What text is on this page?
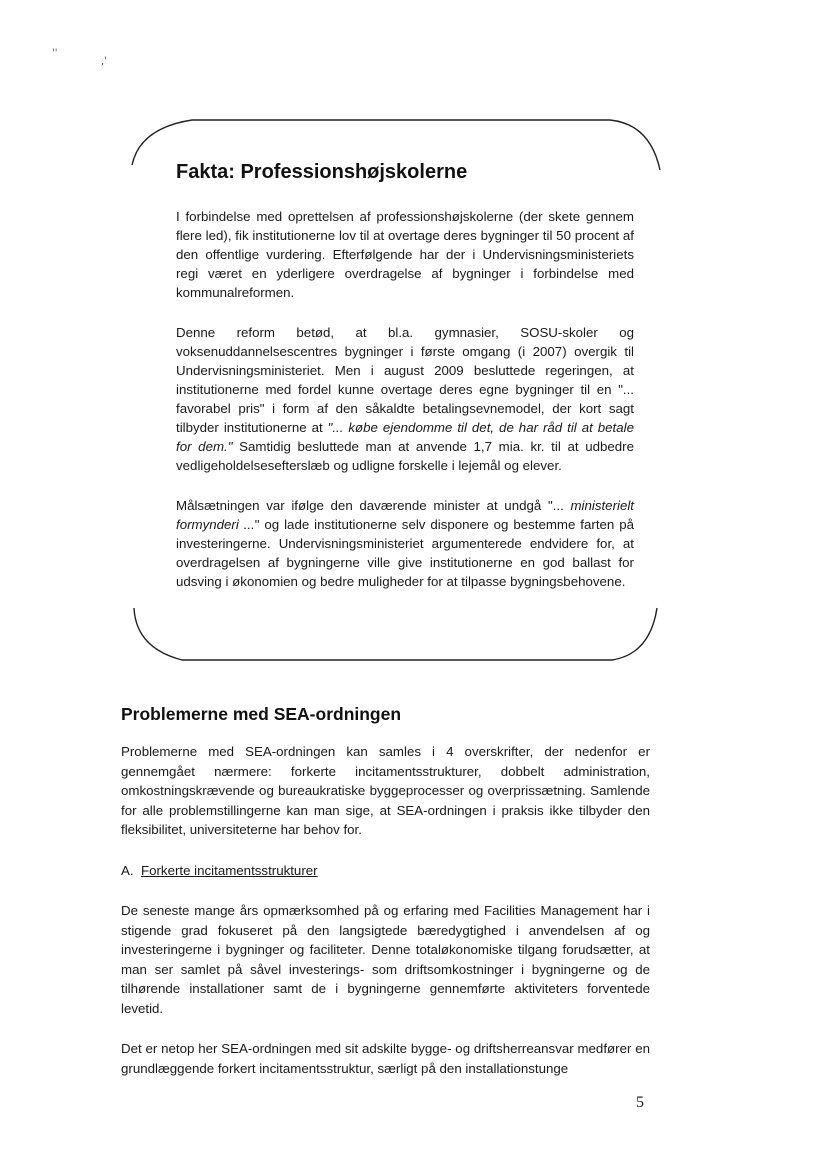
''
,'
Fakta: Professionshøjskolerne

I forbindelse med oprettelsen af professionshøjskolerne (der skete gennem flere led), fik institutionerne lov til at overtage deres bygninger til 50 procent af den offentlige vurdering. Efterfølgende har der i Undervisningsministeriets regi været en yderligere overdragelse af bygninger i forbindelse med kommunalreformen.

Denne reform betød, at bl.a. gymnasier, SOSU-skoler og voksenuddannelsescentres bygninger i første omgang (i 2007) overgik til Undervisningsministeriet. Men i august 2009 besluttede regeringen, at institutionerne med fordel kunne overtage deres egne bygninger til en "... favorabel pris" i form af den såkaldte betalingsevnemodel, der kort sagt tilbyder institutionerne at "... købe ejendomme til det, de har råd til at betale for dem." Samtidig besluttede man at anvende 1,7 mia. kr. til at udbedre vedligeholdelsesefterslæb og udligne forskelle i lejemål og elever.

Målsætningen var ifølge den daværende minister at undgå "... ministerielt formynderi ..." og lade institutionerne selv disponere og bestemme farten på investeringerne. Undervisningsministeriet argumenterede endvidere for, at overdragelsen af bygningerne ville give institutionerne en god ballast for udsving i økonomien og bedre muligheder for at tilpasse bygningsbehovene.

Problemerne med SEA-ordningen

Problemerne med SEA-ordningen kan samles i 4 overskrifter, der nedenfor er gennemgået nærmere: forkerte incitamentsstrukturer, dobbelt administration, omkostningskrævende og bureaukratiske byggeprocesser og overprissætning. Samlende for alle problemstillingerne kan man sige, at SEA-ordningen i praksis ikke tilbyder den fleksibilitet, universiteterne har behov for.

A. Forkerte incitamentsstrukturer

De seneste mange års opmærksomhed på og erfaring med Facilities Management har i stigende grad fokuseret på den langsigtede bæredygtighed i anvendelsen af og investeringerne i bygninger og faciliteter. Denne totaløkonomiske tilgang forudsætter, at man ser samlet på såvel investerings- som driftsomkostninger i bygningerne og de tilhørende installationer samt de i bygningerne gennemførte aktiviteters forventede levetid.

Det er netop her SEA-ordningen med sit adskilte bygge- og driftsherreansvar medfører en grundlæggende forkert incitamentsstruktur, særligt på den installationstunge

5
